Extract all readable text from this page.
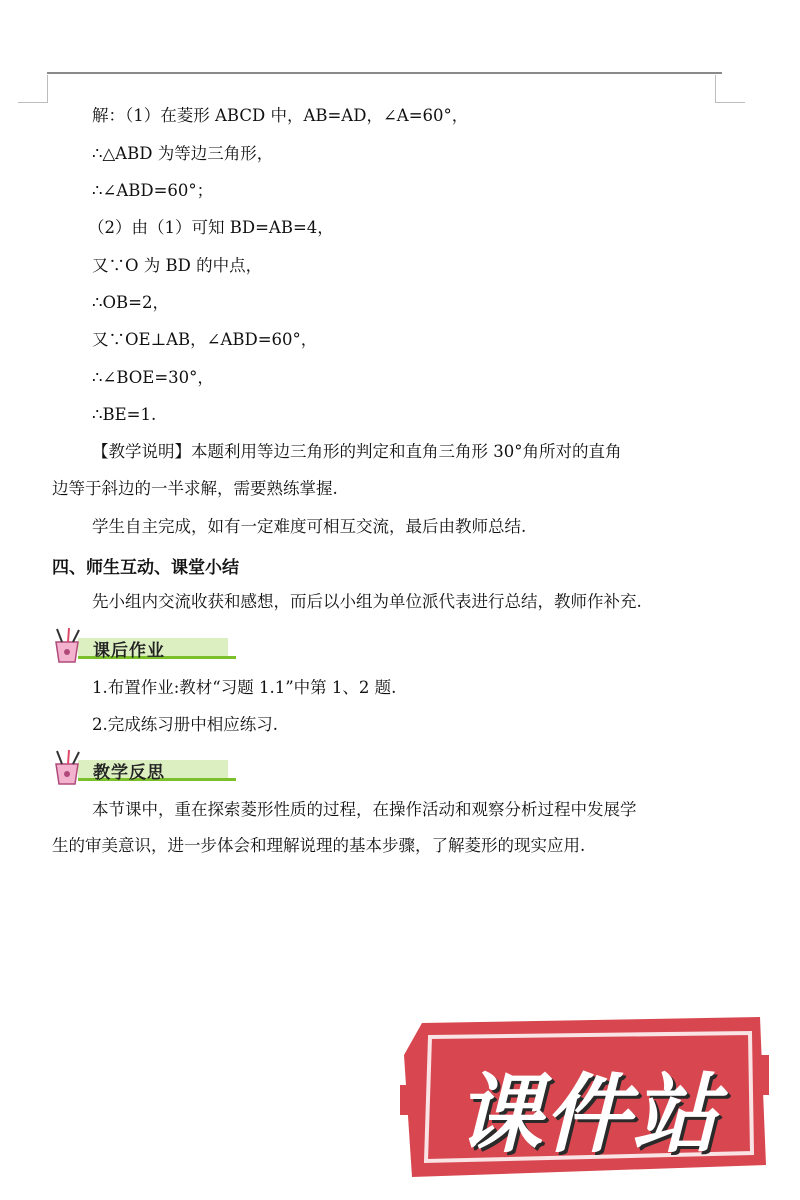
解：（1）在菱形 ABCD 中，AB=AD，∠A=60°，
∴△ABD 为等边三角形，
∴∠ABD=60°；
（2）由（1）可知 BD=AB=4，
又∵O 为 BD 的中点，
∴OB=2，
又∵OE⊥AB，∠ABD=60°，
∴∠BOE=30°，
∴BE=1.
【教学说明】本题利用等边三角形的判定和直角三角形 30°角所对的直角
边等于斜边的一半求解，需要熟练掌握.
学生自主完成，如有一定难度可相互交流，最后由教师总结.
四、师生互动、课堂小结
先小组内交流收获和感想，而后以小组为单位派代表进行总结，教师作补充.
课后作业
1.布置作业:教材“习题 1.1”中第 1、2 题.
2.完成练习册中相应练习.
教学反思
本节课中，重在探索菱形性质的过程，在操作活动和观察分析过程中发展学
生的审美意识，进一步体会和理解说理的基本步骤，了解菱形的现实应用.
课件站
